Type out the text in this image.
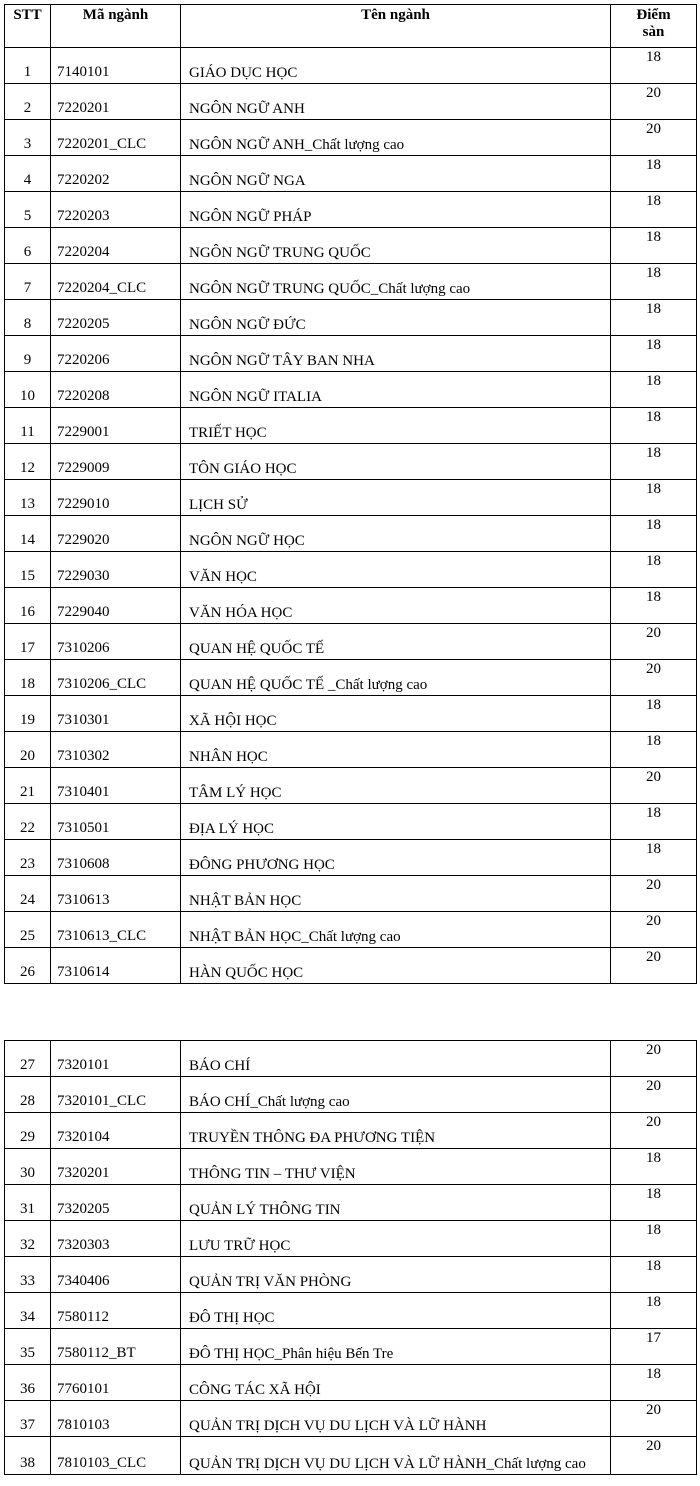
STT	Mã ngành	Tên ngành	Điểm sàn
1	7140101	GIÁO DỤC HỌC	18
2	7220201	NGÔN NGỮ ANH	20
3	7220201_CLC	NGÔN NGỮ ANH_Chất lượng cao	20
4	7220202	NGÔN NGỮ NGA	18
5	7220203	NGÔN NGỮ PHÁP	18
6	7220204	NGÔN NGỮ TRUNG QUỐC	18
7	7220204_CLC	NGÔN NGỮ TRUNG QUỐC_Chất lượng cao	18
8	7220205	NGÔN NGỮ ĐỨC	18
9	7220206	NGÔN NGỮ TÂY BAN NHA	18
10	7220208	NGÔN NGỮ ITALIA	18
11	7229001	TRIẾT HỌC	18
12	7229009	TÔN GIÁO HỌC	18
13	7229010	LỊCH SỬ	18
14	7229020	NGÔN NGỮ HỌC	18
15	7229030	VĂN HỌC	18
16	7229040	VĂN HÓA HỌC	18
17	7310206	QUAN HỆ QUỐC TẾ	20
18	7310206_CLC	QUAN HỆ QUỐC TẾ _Chất lượng cao	20
19	7310301	XÃ HỘI HỌC	18
20	7310302	NHÂN HỌC	18
21	7310401	TÂM LÝ HỌC	20
22	7310501	ĐỊA LÝ HỌC	18
23	7310608	ĐÔNG PHƯƠNG HỌC	18
24	7310613	NHẬT BẢN HỌC	20
25	7310613_CLC	NHẬT BẢN HỌC_Chất lượng cao	20
26	7310614	HÀN QUỐC HỌC	20
27	7320101	BÁO CHÍ	20
28	7320101_CLC	BÁO CHÍ_Chất lượng cao	20
29	7320104	TRUYỀN THÔNG ĐA PHƯƠNG TIỆN	20
30	7320201	THÔNG TIN – THƯ VIỆN	18
31	7320205	QUẢN LÝ THÔNG TIN	18
32	7320303	LƯU TRỮ HỌC	18
33	7340406	QUẢN TRỊ VĂN PHÒNG	18
34	7580112	ĐÔ THỊ HỌC	18
35	7580112_BT	ĐÔ THỊ HỌC_Phân hiệu Bến Tre	17
36	7760101	CÔNG TÁC XÃ HỘI	18
37	7810103	QUẢN TRỊ DỊCH VỤ DU LỊCH VÀ LỮ HÀNH	20
38	7810103_CLC	QUẢN TRỊ DỊCH VỤ DU LỊCH VÀ LỮ HÀNH_Chất lượng cao	20
